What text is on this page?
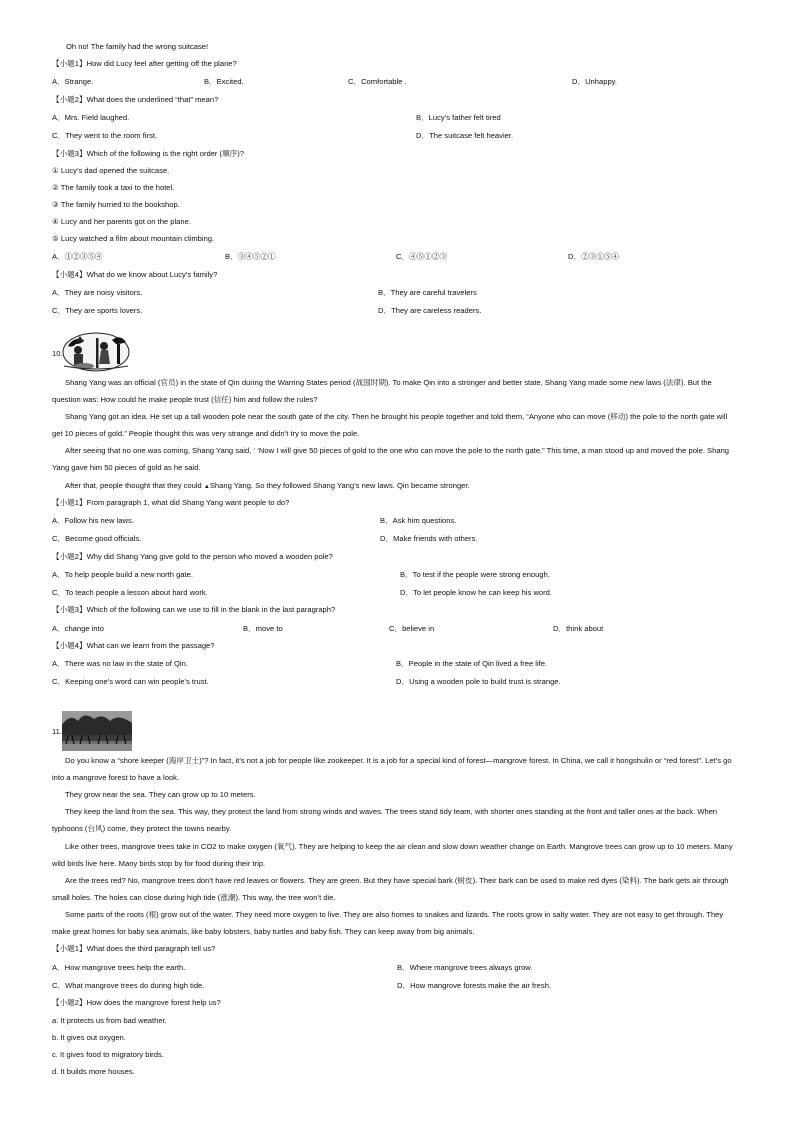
Oh no! The family had the wrong suitcase!
【小题1】How did Lucy feel after getting off the plane?
A．Strange.	B．Excited.	C．Comfortable .	D．Unhappy.
【小题2】What does the underlined “that” mean?
A．Mrs. Field laughed.	B．Lucy’s father felt tired
C．They went to the room first.	D．The suitcase felt heavier.
【小题3】Which of the following is the right order (顺序)?
① Lucy’s dad opened the suitcase.
② The family took a taxi to the hotel.
③ The family hurried to the bookshop.
④ Lucy and her parents got on the plane.
⑤ Lucy watched a film about mountain climbing.
A．①②③⑤④	B．③④⑤②①	C．④⑤①②③	D．②③①⑤④
【小题4】What do we know about Lucy’s family?
A．They are noisy visitors.	B．They are careful travelers
C．They are sports lovers.	D．They are careless readers.
10.
Shang Yang was an official (官员) in the state of Qin during the Warring States period (战国时期). To make Qin into a stronger and better state, Shang Yang made some new laws (法律). But the question was: How could he make people trust (信任) him and follow the rules?
Shang Yang got an idea. He set up a tall wooden pole near the south gate of the city. Then he brought his people together and told them, “Anyone who can move (移动) the pole to the north gate will get 10 pieces of gold.” People thought this was very strange and didn’t try to move the pole.
After seeing that no one was coming, Shang Yang said, ‘ ‘Now I will give 50 pieces of gold to the one who can move the pole to the north gate.” This time, a man stood up and moved the pole. Shang Yang gave him 50 pieces of gold as he said.
After that, people thought that they could ▲Shang Yang. So they followed Shang Yang’s new laws. Qin became stronger.
【小题1】From paragraph 1, what did Shang Yang want people to do?
A．Follow his new laws.	B．Ask him questions.
C．Become good officials.	D．Make friends with others.
【小题2】Why did Shang Yang give gold to the person who moved a wooden pole?
A．To help people build a new north gate.	B．To test if the people were strong enough.
C．To teach people a lesson about hard work.	D．To let people know he can keep his word.
【小题3】Which of the following can we use to fill in the blank in the last paragraph?
A．change into	B．move to	C．believe in	D．think about
【小题4】What can we learn from the passage?
A．There was no law in the state of Qin.	B．People in the state of Qin lived a free life.
C．Keeping one’s word can win people’s trust.	D．Using a wooden pole to build trust is strange.
11.
Do you know a “shore keeper (海岸卫士)”? In fact, it’s not a job for people like zookeeper. It is a job for a special kind of forest—mangrove forest. In China, we call it hongshulin or “red forest”. Let’s go into a mangrove forest to have a look.
They grow near the sea. They can grow up to 10 meters.
They keep the land from the sea. This way, they protect the land from strong winds and waves. The trees stand tidy team, with shorter ones standing at the front and taller ones at the back. When typhoons (台风) come, they protect the towns nearby.
Like other trees, mangrove trees take in CO2 to make oxygen (氧气). They are helping to keep the air clean and slow down weather change on Earth. Mangrove trees can grow up to 10 meters. Many wild birds live here. Many birds stop by for food during their trip.
Are the trees red? No, mangrove trees don’t have red leaves or flowers. They are green. But they have special bark (树皮). Their bark can be used to make red dyes (染料). The bark gets air through small holes. The holes can close during high tide (涨潮). This way, the tree won’t die.
Some parts of the roots (根) grow out of the water. They need more oxygen to live. They are also homes to snakes and lizards. The roots grow in salty water. They are not easy to get through. They make great homes for baby sea animals, like baby lobsters, baby turtles and baby fish. They can keep away from big animals.
【小题1】What does the third paragraph tell us?
A．How mangrove trees help the earth.	B．Where mangrove trees always grow.
C．What mangrove trees do during high tide.	D．How mangrove forests make the air fresh.
【小题2】How does the mangrove forest help us?
a. It protects us from bad weather.
b. It gives out oxygen.
c. It gives food to migratory birds.
d. It builds more houses.
